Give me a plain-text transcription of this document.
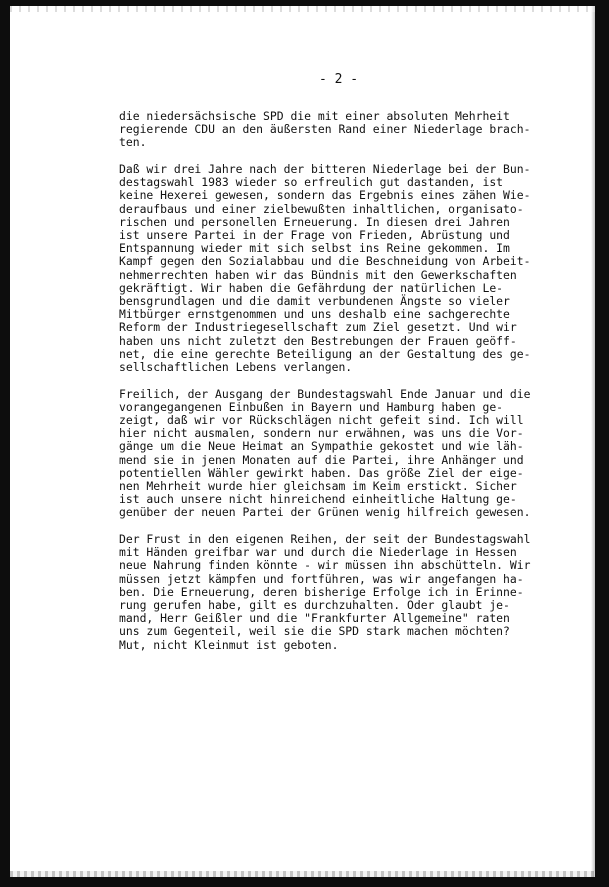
- 2 -
die niedersächsische SPD die mit einer absoluten Mehrheit
regierende CDU an den äußersten Rand einer Niederlage brach-
ten.
Daß wir drei Jahre nach der bitteren Niederlage bei der Bun-
destagswahl 1983 wieder so erfreulich gut dastanden, ist
keine Hexerei gewesen, sondern das Ergebnis eines zähen Wie-
deraufbaus und einer zielbewußten inhaltlichen, organisato-
rischen und personellen Erneuerung. In diesen drei Jahren
ist unsere Partei in der Frage von Frieden, Abrüstung und
Entspannung wieder mit sich selbst ins Reine gekommen. Im
Kampf gegen den Sozialabbau und die Beschneidung von Arbeit-
nehmerrechten haben wir das Bündnis mit den Gewerkschaften
gekräftigt. Wir haben die Gefährdung der natürlichen Le-
bensgrundlagen und die damit verbundenen Ängste so vieler
Mitbürger ernstgenommen und uns deshalb eine sachgerechte
Reform der Industriegesellschaft zum Ziel gesetzt. Und wir
haben uns nicht zuletzt den Bestrebungen der Frauen geöff-
net, die eine gerechte Beteiligung an der Gestaltung des ge-
sellschaftlichen Lebens verlangen.
Freilich, der Ausgang der Bundestagswahl Ende Januar und die
vorangegangenen Einbußen in Bayern und Hamburg haben ge-
zeigt, daß wir vor Rückschlägen nicht gefeit sind. Ich will
hier nicht ausmalen, sondern nur erwähnen, was uns die Vor-
gänge um die Neue Heimat an Sympathie gekostet und wie läh-
mend sie in jenen Monaten auf die Partei, ihre Anhänger und
potentiellen Wähler gewirkt haben. Das größe Ziel der eige-
nen Mehrheit wurde hier gleichsam im Keim erstickt. Sicher
ist auch unsere nicht hinreichend einheitliche Haltung ge-
genüber der neuen Partei der Grünen wenig hilfreich gewesen.
Der Frust in den eigenen Reihen, der seit der Bundestagswahl
mit Händen greifbar war und durch die Niederlage in Hessen
neue Nahrung finden könnte - wir müssen ihn abschütteln. Wir
müssen jetzt kämpfen und fortführen, was wir angefangen ha-
ben. Die Erneuerung, deren bisherige Erfolge ich in Erinne-
rung gerufen habe, gilt es durchzuhalten. Oder glaubt je-
mand, Herr Geißler und die "Frankfurter Allgemeine" raten
uns zum Gegenteil, weil sie die SPD stark machen möchten?
Mut, nicht Kleinmut ist geboten.
